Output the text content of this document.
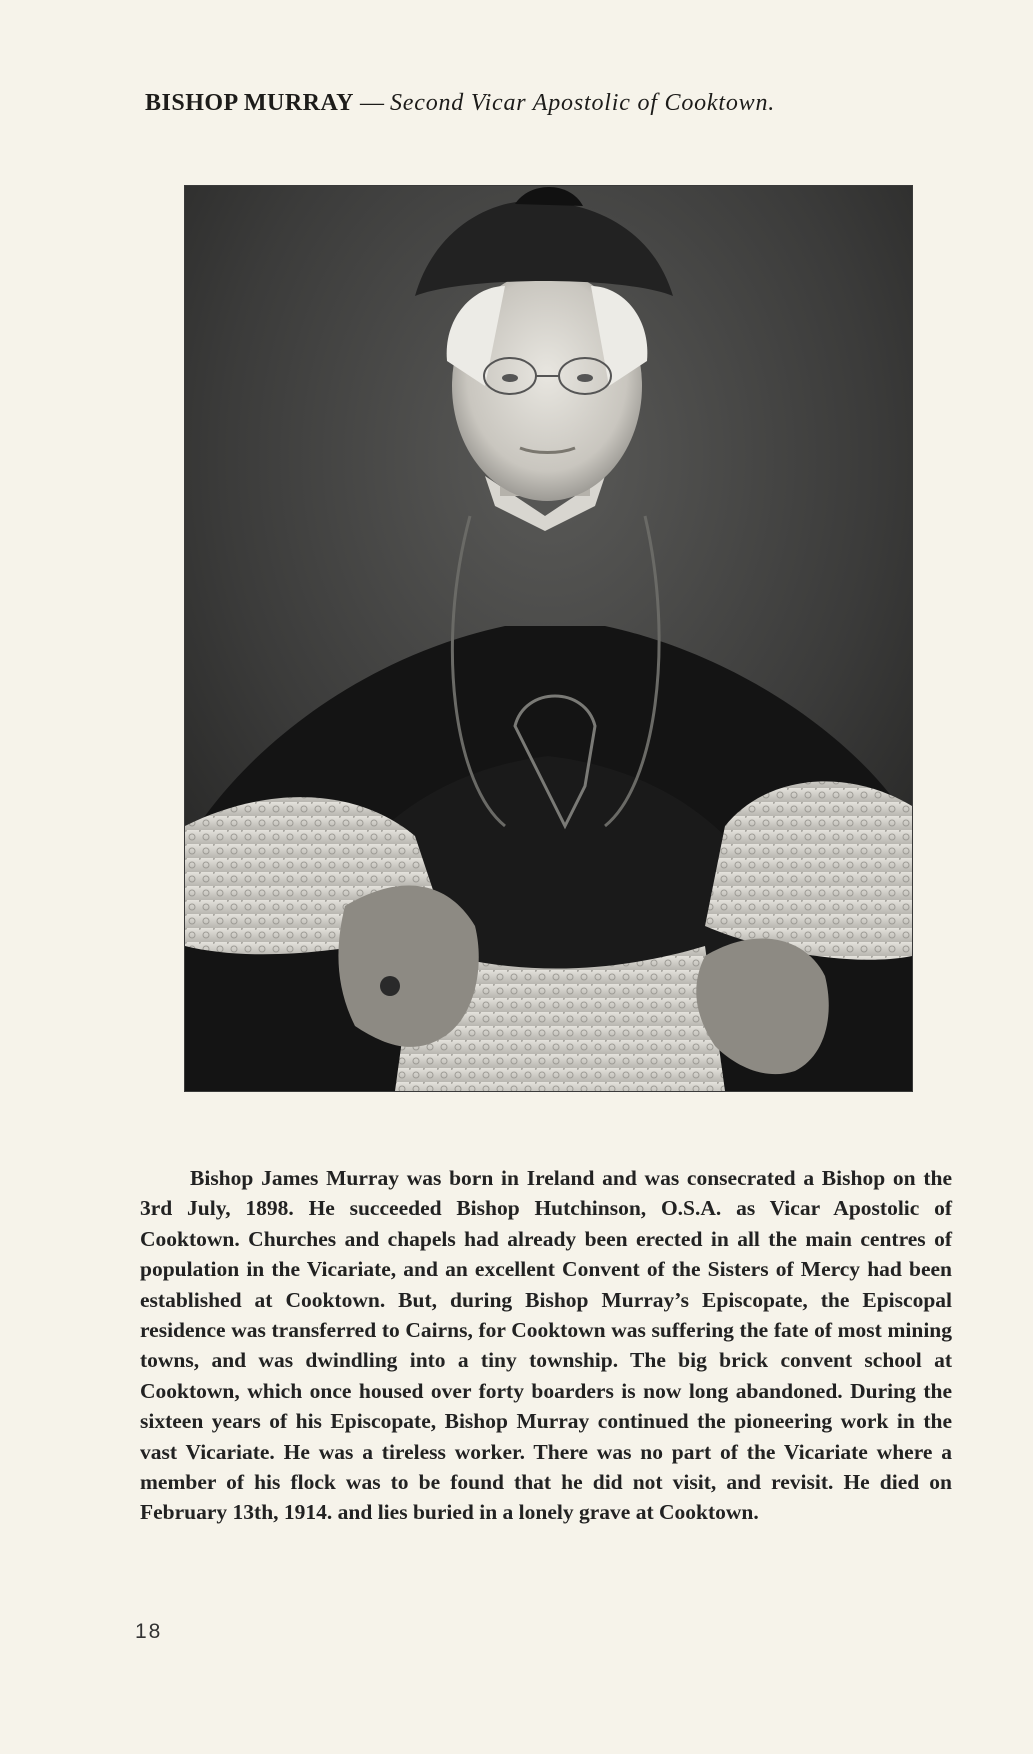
BISHOP MURRAY — Second Vicar Apostolic of Cooktown.

Bishop James Murray was born in Ireland and was consecrated a Bishop on the 3rd July, 1898. He succeeded Bishop Hutchinson, O.S.A. as Vicar Apostolic of Cooktown. Churches and chapels had already been erected in all the main centres of population in the Vicariate, and an excellent Convent of the Sisters of Mercy had been established at Cooktown. But, during Bishop Murray’s Episcopate, the Episcopal residence was transferred to Cairns, for Cooktown was suffering the fate of most mining towns, and was dwindling into a tiny township. The big brick convent school at Cooktown, which once housed over forty boarders is now long abandoned. During the sixteen years of his Episcopate, Bishop Murray continued the pioneering work in the vast Vicariate. He was a tireless worker. There was no part of the Vicariate where a member of his flock was to be found that he did not visit, and revisit. He died on February 13th, 1914. and lies buried in a lonely grave at Cooktown.

18
